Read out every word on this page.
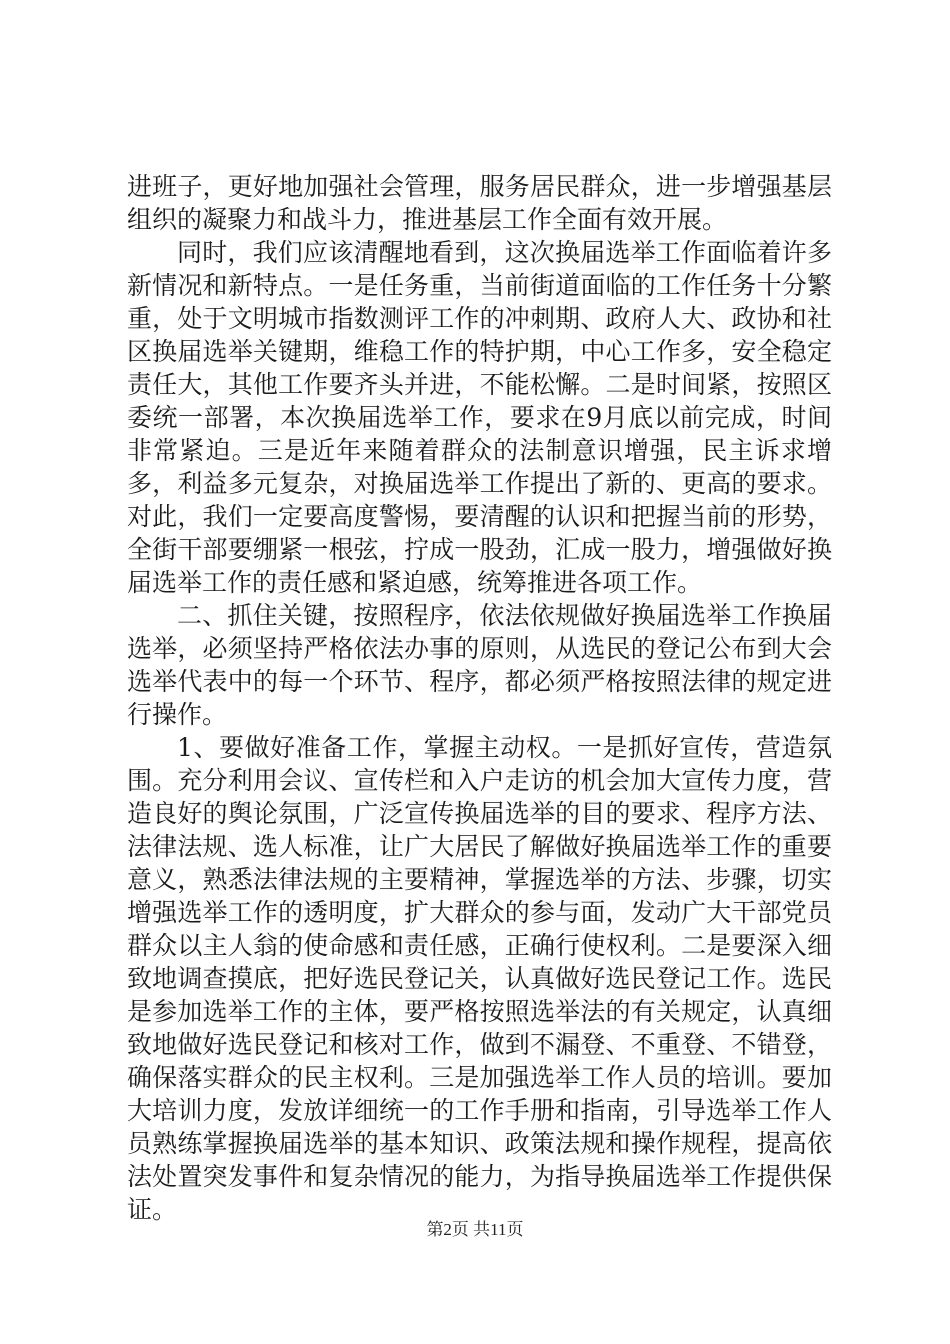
进班子，更好地加强社会管理，服务居民群众，进一步增强基层组织的凝聚力和战斗力，推进基层工作全面有效开展。

同时，我们应该清醒地看到，这次换届选举工作面临着许多新情况和新特点。一是任务重，当前街道面临的工作任务十分繁重，处于文明城市指数测评工作的冲刺期、政府人大、政协和社区换届选举关键期，维稳工作的特护期，中心工作多，安全稳定责任大，其他工作要齐头并进，不能松懈。二是时间紧，按照区委统一部署，本次换届选举工作，要求在9月底以前完成，时间非常紧迫。三是近年来随着群众的法制意识增强，民主诉求增多，利益多元复杂，对换届选举工作提出了新的、更高的要求。对此，我们一定要高度警惕，要清醒的认识和把握当前的形势，全街干部要绷紧一根弦，拧成一股劲，汇成一股力，增强做好换届选举工作的责任感和紧迫感，统筹推进各项工作。

二、抓住关键，按照程序，依法依规做好换届选举工作换届选举，必须坚持严格依法办事的原则，从选民的登记公布到大会选举代表中的每一个环节、程序，都必须严格按照法律的规定进行操作。

1、要做好准备工作，掌握主动权。一是抓好宣传，营造氛围。充分利用会议、宣传栏和入户走访的机会加大宣传力度，营造良好的舆论氛围，广泛宣传换届选举的目的要求、程序方法、法律法规、选人标准，让广大居民了解做好换届选举工作的重要意义，熟悉法律法规的主要精神，掌握选举的方法、步骤，切实增强选举工作的透明度，扩大群众的参与面，发动广大干部党员群众以主人翁的使命感和责任感，正确行使权利。二是要深入细致地调查摸底，把好选民登记关，认真做好选民登记工作。选民是参加选举工作的主体，要严格按照选举法的有关规定，认真细致地做好选民登记和核对工作，做到不漏登、不重登、不错登，确保落实群众的民主权利。三是加强选举工作人员的培训。要加大培训力度，发放详细统一的工作手册和指南，引导选举工作人员熟练掌握换届选举的基本知识、政策法规和操作规程，提高依法处置突发事件和复杂情况的能力，为指导换届选举工作提供保证。

第2页 共11页
